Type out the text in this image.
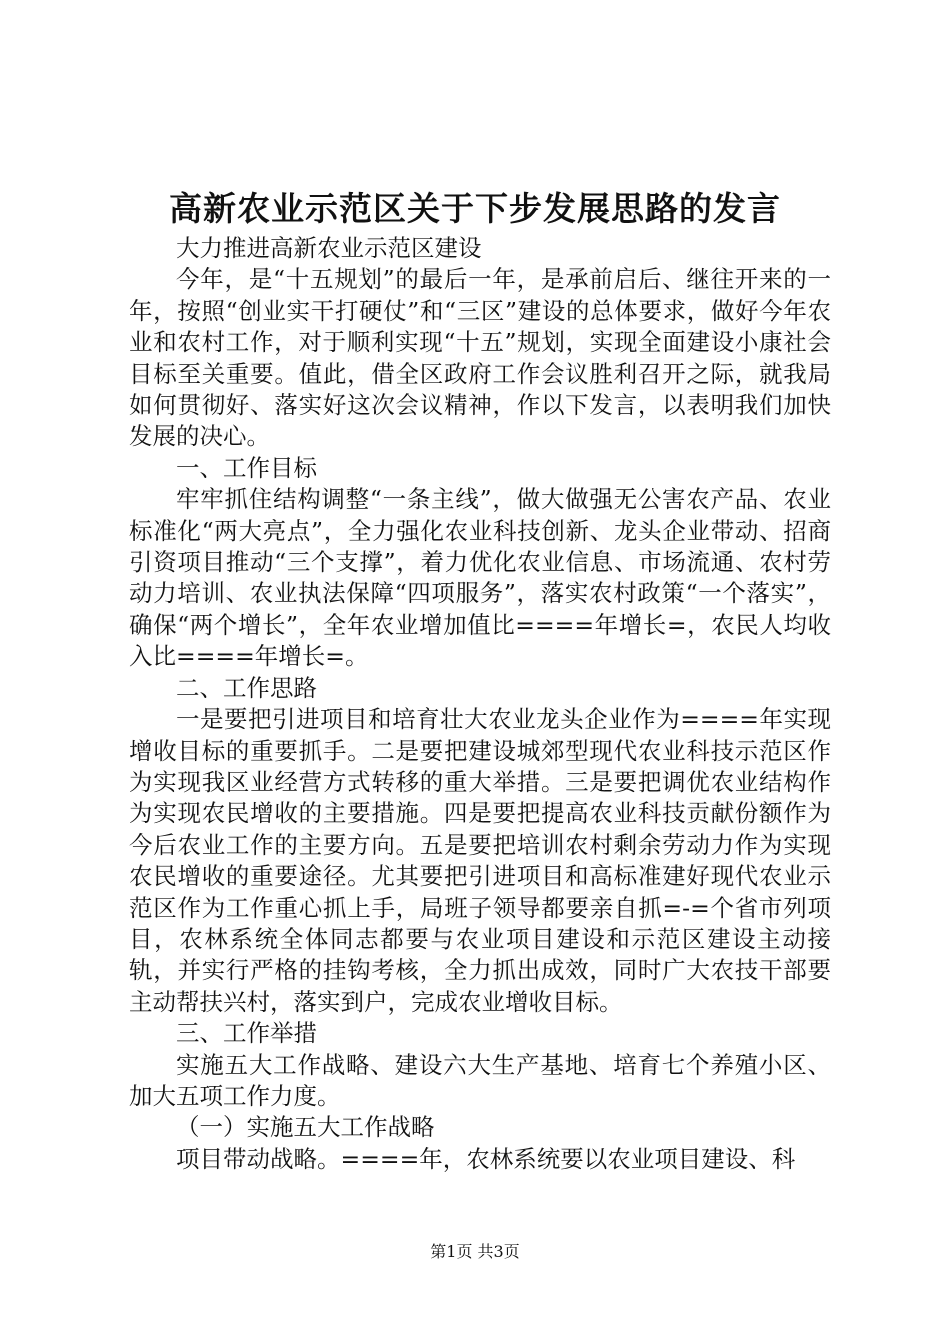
高新农业示范区关于下步发展思路的发言

大力推进高新农业示范区建设

今年，是“十五规划”的最后一年，是承前启后、继往开来的一年，按照“创业实干打硬仗”和“三区”建设的总体要求，做好今年农业和农村工作，对于顺利实现“十五”规划，实现全面建设小康社会目标至关重要。值此，借全区政府工作会议胜利召开之际，就我局如何贯彻好、落实好这次会议精神，作以下发言，以表明我们加快发展的决心。

一、工作目标

牢牢抓住结构调整“一条主线”，做大做强无公害农产品、农业标准化“两大亮点”，全力强化农业科技创新、龙头企业带动、招商引资项目推动“三个支撑”，着力优化农业信息、市场流通、农村劳动力培训、农业执法保障“四项服务”，落实农村政策“一个落实”，确保“两个增长”，全年农业增加值比====年增长=，农民人均收入比====年增长=。

二、工作思路

一是要把引进项目和培育壮大农业龙头企业作为====年实现增收目标的重要抓手。二是要把建设城郊型现代农业科技示范区作为实现我区业经营方式转移的重大举措。三是要把调优农业结构作为实现农民增收的主要措施。四是要把提高农业科技贡献份额作为今后农业工作的主要方向。五是要把培训农村剩余劳动力作为实现农民增收的重要途径。尤其要把引进项目和高标准建好现代农业示范区作为工作重心抓上手，局班子领导都要亲自抓=-=个省市列项目，农林系统全体同志都要与农业项目建设和示范区建设主动接轨，并实行严格的挂钩考核，全力抓出成效，同时广大农技干部要主动帮扶兴村，落实到户，完成农业增收目标。

三、工作举措

实施五大工作战略、建设六大生产基地、培育七个养殖小区、加大五项工作力度。

（一）实施五大工作战略

项目带动战略。====年，农林系统要以农业项目建设、科

第1页 共3页
